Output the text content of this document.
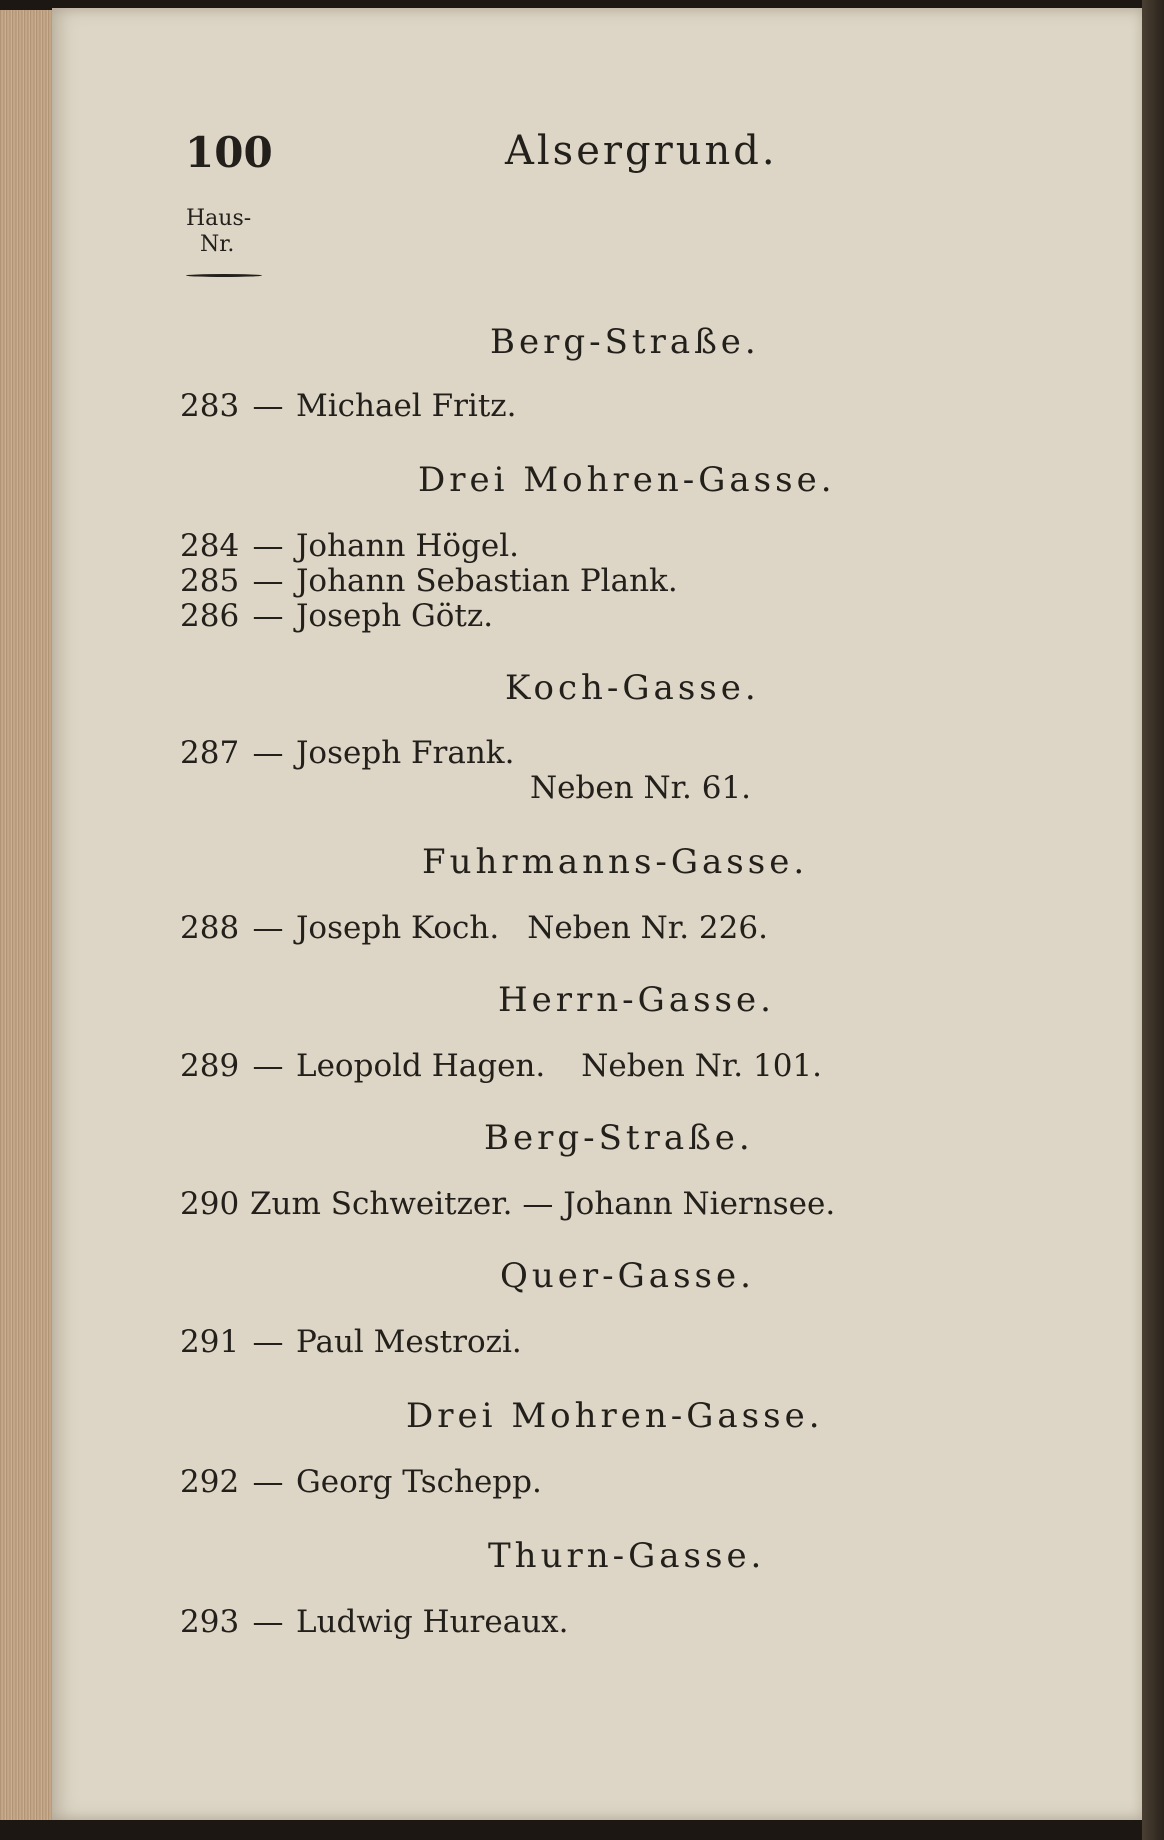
100	Alsergrund.
Haus-
Nr.
Berg-Straße.
283 — Michael Fritz.
Drei Mohren-Gasse.
284 — Johann Högel.
285 — Johann Sebastian Plank.
286 — Joseph Götz.
Koch-Gasse.
287 — Joseph Frank.
Neben Nr. 61.
Fuhrmanns-Gasse.
288 — Joseph Koch. Neben Nr. 226.
Herrn-Gasse.
289 — Leopold Hagen. Neben Nr. 101.
Berg-Straße.
290 Zum Schweitzer. — Johann Niernsee.
Quer-Gasse.
291 — Paul Mestrozi.
Drei Mohren-Gasse.
292 — Georg Tschepp.
Thurn-Gasse.
293 — Ludwig Hureaux.
